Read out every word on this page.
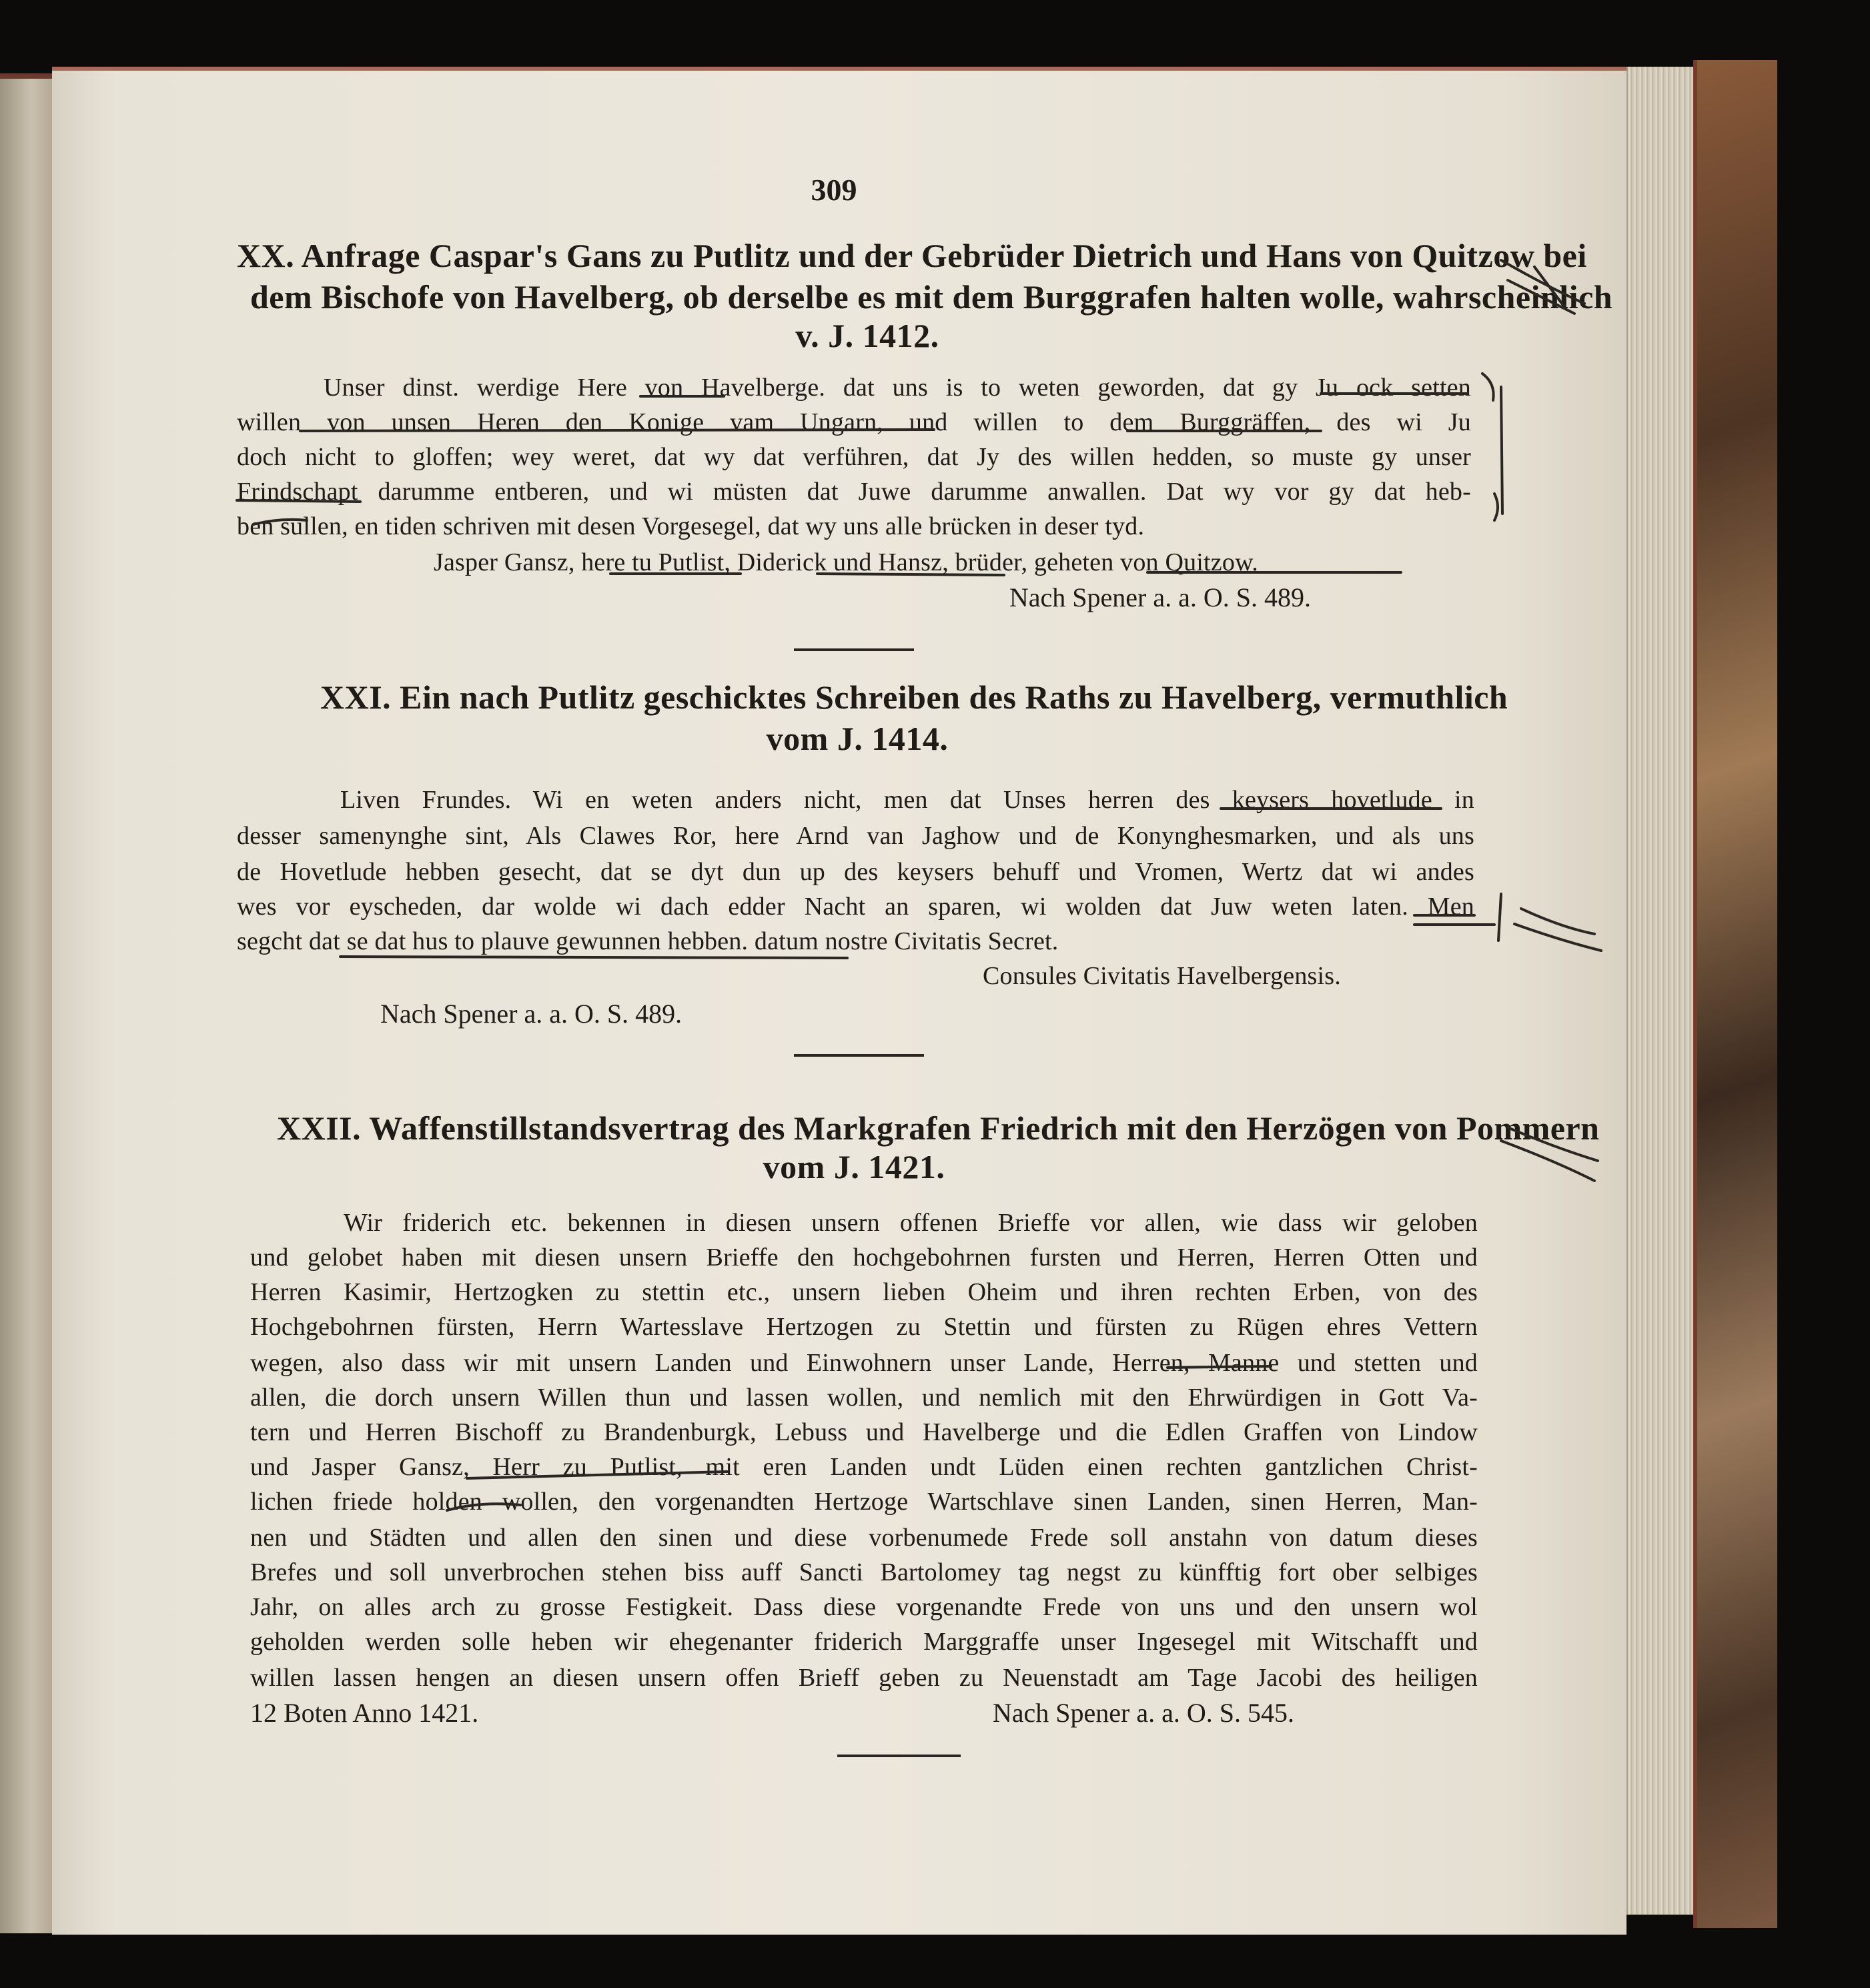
309
XX. Anfrage Caspar's Gans zu Putlitz und der Gebrüder Dietrich und Hans von Quitzow bei
dem Bischofe von Havelberg, ob derselbe es mit dem Burggrafen halten wolle, wahrscheinlich
v. J. 1412.
Unser dinst. werdige Here von Havelberge. dat uns is to weten geworden, dat gy Ju ock setten
willen von unsen Heren den Konige vam Ungarn, und willen to dem Burggräffen, des wi Ju
doch nicht to gloffen; wey weret, dat wy dat verführen, dat Jy des willen hedden, so muste gy unser
Frindschapt darumme entberen, und wi müsten dat Juwe darumme anwallen. Dat wy vor gy dat heb-
ben sullen, en tiden schriven mit desen Vorgesegel, dat wy uns alle brücken in deser tyd.
Jasper Gansz, here tu Putlist, Diderick und Hansz, brüder, geheten von Quitzow.
Nach Spener a. a. O. S. 489.
XXI. Ein nach Putlitz geschicktes Schreiben des Raths zu Havelberg, vermuthlich
vom J. 1414.
Liven Frundes. Wi en weten anders nicht, men dat Unses herren des keysers hovetlude in
desser samenynghe sint, Als Clawes Ror, here Arnd van Jaghow und de Konynghesmarken, und als uns
de Hovetlude hebben gesecht, dat se dyt dun up des keysers behuff und Vromen, Wertz dat wi andes
wes vor eyscheden, dar wolde wi dach edder Nacht an sparen, wi wolden dat Juw weten laten. Men
segcht dat se dat hus to plauve gewunnen hebben. datum nostre Civitatis Secret.
Consules Civitatis Havelbergensis.
Nach Spener a. a. O. S. 489.
XXII. Waffenstillstandsvertrag des Markgrafen Friedrich mit den Herzögen von Pommern
vom J. 1421.
Wir friderich etc. bekennen in diesen unsern offenen Brieffe vor allen, wie dass wir geloben
und gelobet haben mit diesen unsern Brieffe den hochgebohrnen fursten und Herren, Herren Otten und
Herren Kasimir, Hertzogken zu stettin etc., unsern lieben Oheim und ihren rechten Erben, von des
Hochgebohrnen fürsten, Herrn Wartesslave Hertzogen zu Stettin und fürsten zu Rügen ehres Vettern
wegen, also dass wir mit unsern Landen und Einwohnern unser Lande, Herren, Manne und stetten und
allen, die dorch unsern Willen thun und lassen wollen, und nemlich mit den Ehrwürdigen in Gott Va-
tern und Herren Bischoff zu Brandenburgk, Lebuss und Havelberge und die Edlen Graffen von Lindow
und Jasper Gansz, Herr zu Putlist, mit eren Landen undt Lüden einen rechten gantzlichen Christ-
lichen friede holden wollen, den vorgenandten Hertzoge Wartschlave sinen Landen, sinen Herren, Man-
nen und Städten und allen den sinen und diese vorbenumede Frede soll anstahn von datum dieses
Brefes und soll unverbrochen stehen biss auff Sancti Bartolomey tag negst zu künfftig fort ober selbiges
Jahr, on alles arch zu grosse Festigkeit. Dass diese vorgenandte Frede von uns und den unsern wol
geholden werden solle heben wir ehegenanter friderich Marggraffe unser Ingesegel mit Witschafft und
willen lassen hengen an diesen unsern offen Brieff geben zu Neuenstadt am Tage Jacobi des heiligen
12 Boten Anno 1421.	Nach Spener a. a. O. S. 545.
